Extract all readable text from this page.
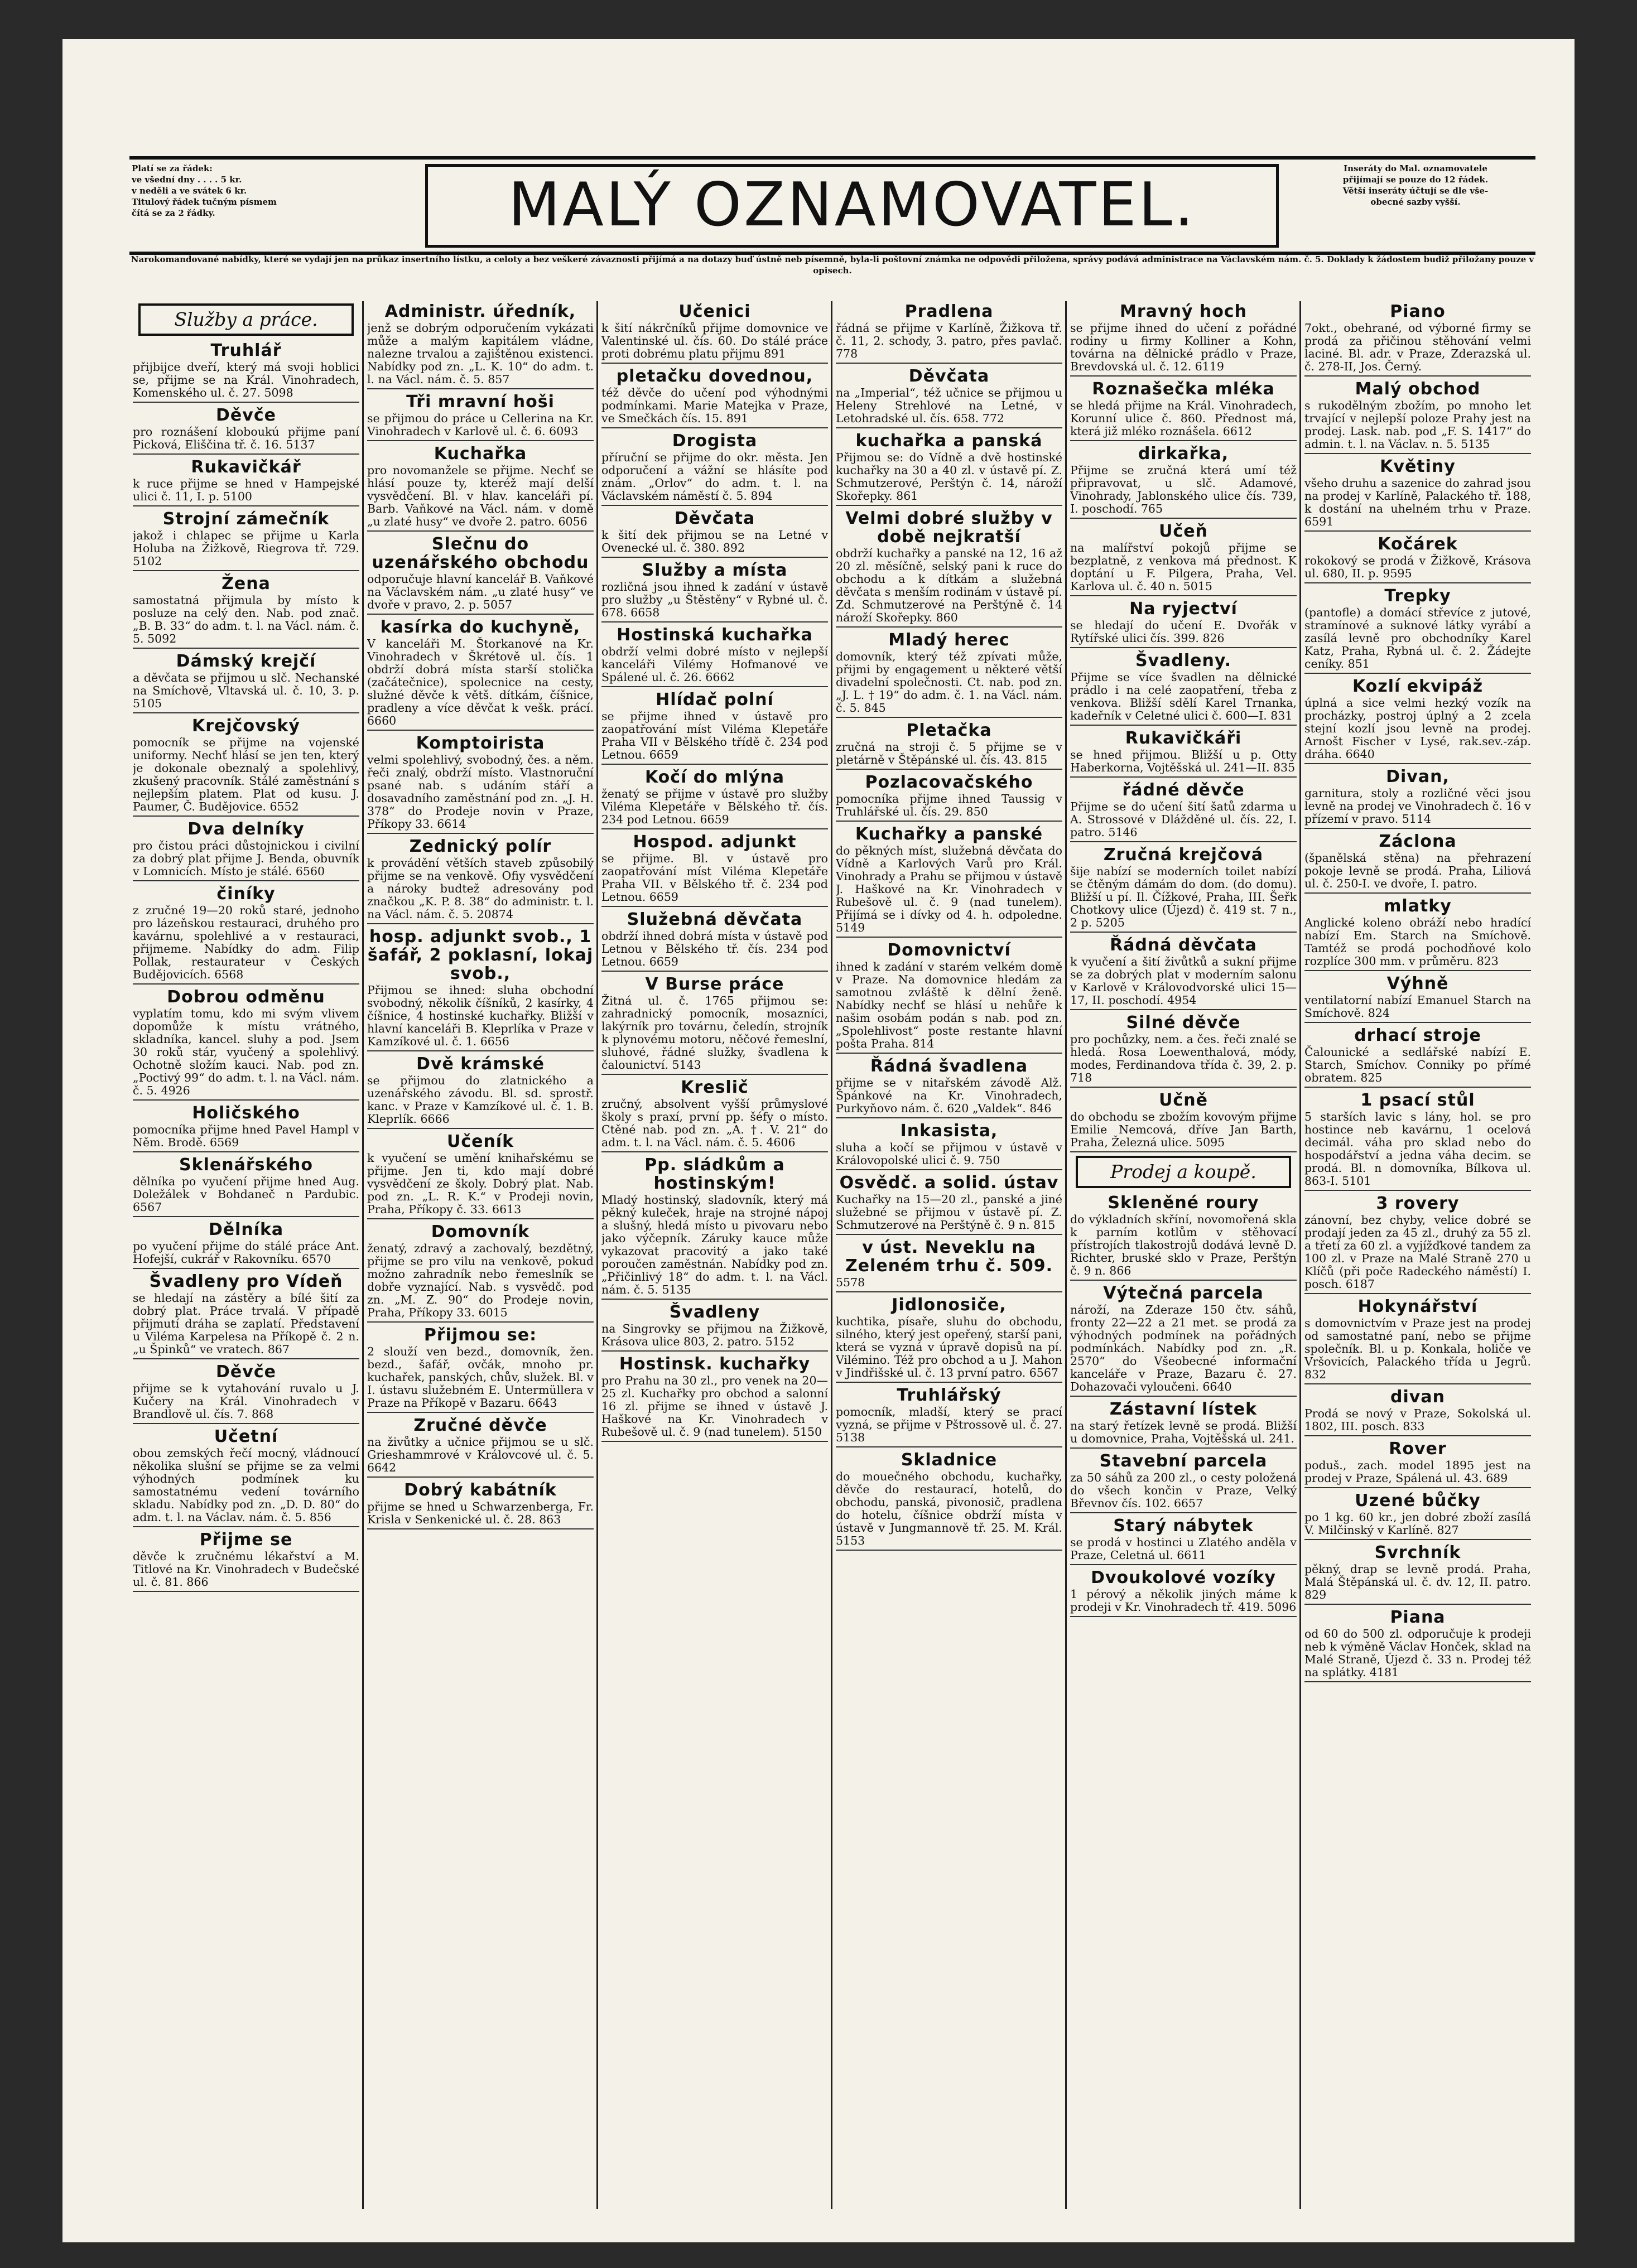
Platí se za řádek:
ve všední dny . . . . 5 kr.
v neděli a ve svátek 6 kr.
Titulový řádek tučným písmem
čítá se za 2 řádky.	MALÝ OZNAMOVATEL.
Inseráty do Mal. oznamovatele
přijímají se pouze do 12 řádek.
Větší inseráty účtují se dle vše-
obecné sazby vyšší.
Narokomandované nabídky, které se vydají jen na průkaz insertního lístku, a celoty a bez veškeré závaznosti přijímá a na dotazy buď ústně neb písemně, byla-li poštovní známka ne odpovědi přiložena, správy podává administrace na Václavském nám. č. 5. Doklady k žádostem budiž přiložany pouze v opisech.
Služby a práce.
Truhlář

přijbijce dveří, který má svoji hoblici se, přijme se na Král. Vinohradech, Komenského ul. č. 27. 5098

Děvče

pro roznášení kloboukú přijme paní Picková, Eliščina tř. č. 16. 5137

Rukavičkář

k ruce přijme se hned v Hampejské ulici č. 11, I. p. 5100

Strojní zámečník

jakož i chlapec se přijme u Karla Holuba na Žižkově, Riegrova tř. 729. 5102

Žena

samostatná přijmula by místo k posluze na celý den. Nab. pod znač. „B. B. 33“ do adm. t. l. na Václ. nám. č. 5. 5092

Dámský krejčí

a děvčata se přijmou u slč. Nechanské na Smíchově, Vltavská ul. č. 10, 3. p. 5105

Krejčovský

pomocník se přijme na vojenské uniformy. Nechť hlásí se jen ten, který je dokonale obeznalý a spolehlivý, zkušený pracovník. Stálé zaměstnání s nejlepším platem. Plat od kusu. J. Paumer, Č. Budějovice. 6552

Dva delníky

pro čistou práci důstojnickou i civilní za dobrý plat přijme J. Benda, obuvník v Lomnicích. Místo je stálé. 6560

činíky

z zručné 19—20 roků staré, jednoho pro lázeňskou restauraci, druhého pro kavárnu, spolehlivé a v restauraci, přijmeme. Nabídky do adm. Filip Pollak, restaurateur v Českých Budějovicích. 6568

Dobrou odměnu

vyplatím tomu, kdo mi svým vlivem dopomůže k místu vrátného, skladníka, kancel. sluhy a pod. Jsem 30 roků stár, vyučený a spolehlivý. Ochotně složím kauci. Nab. pod zn. „Poctivý 99“ do adm. t. l. na Václ. nám. č. 5. 4926

Holičského

pomocníka přijme hned Pavel Hampl v Něm. Brodě. 6569

Sklenářského

dělníka po vyučení přijme hned Aug. Doležálek v Bohdaneč n Pardubic. 6567

Dělníka

po vyučení přijme do stálé práce Ant. Hofejší, cukrář v Rakovníku. 6570

Švadleny pro Vídeň

se hledají na zástěry a bílé šití za dobrý plat. Práce trvalá. V případě přijmutí dráha se zaplatí. Představení u Viléma Karpelesa na Příkopě č. 2 n. „u Špinků“ ve vratech. 867

Děvče

přijme se k vytahování ruvalo u J. Kučery na Král. Vinohradech v Brandlově ul. čís. 7. 868

Učetní

obou zemských řečí mocný, vládnoucí několika slušní se přijme se za velmi výhodných podmínek ku samostatnému vedení továrního skladu. Nabídky pod zn. „D. D. 80“ do adm. t. l. na Václav. nám. č. 5. 856

Přijme se

děvče k zručnému lékařství a M. Titlové na Kr. Vinohradech v Budečské ul. č. 81. 866

Administr. úředník,

jenž se dobrým odporučením vykázati může a malým kapitálem vládne, nalezne trvalou a zajištěnou existenci. Nabídky pod zn. „L. K. 10“ do adm. t. l. na Václ. nám. č. 5. 857

Tři mravní hoši

se přijmou do práce u Cellerina na Kr. Vinohradech v Karlově ul. č. 6. 6093

Kuchařka

pro novomanžele se přijme. Nechť se hlásí pouze ty, kteréž mají delší vysvědčení. Bl. v hlav. kanceláři pí. Barb. Vaňkové na Václ. nám. v domě „u zlaté husy“ ve dvoře 2. patro. 6056

Slečnu do uzenářského obchodu

odporučuje hlavní kancelář B. Vaňkové na Václavském nám. „u zlaté husy“ ve dvoře v pravo, 2. p. 5057

kasírka do kuchyně,

V kanceláři M. Štorkanové na Kr. Vinohradech v Škrétově ul. čís. 1 obdrží dobrá místa starší stolička (začátečnice), spolecnice na cesty, služné děvče k větš. dítkám, číšnice, pradleny a více děvčat k vešk. prácí. 6660

Komptoirista

velmi spolehlivý, svobodný, čes. a něm. řeči znalý, obdrží místo. Vlastnoruční psané nab. s udáním stáří a dosavadního zaměstnání pod zn. „J. H. 378“ do Prodeje novin v Praze, Příkopy 33. 6614

Zednický polír

k provádění větších staveb způsobilý přijme se na venkově. Ofiy vysvědčení a nároky budtež adresovány pod značkou „K. P. 8. 38“ do administr. t. l. na Václ. nám. č. 5. 20874

hosp. adjunkt svob., 1 šafář, 2 poklasní, lokaj svob.,

Přijmou se ihned: sluha obchodní svobodný, několik číšníků, 2 kasírky, 4 číšnice, 4 hostinské kuchařky. Bližší v hlavní kanceláři B. Kleprlíka v Praze v Kamzíkové ul. č. 1. 6656

Dvě krámské

se přijmou do zlatnického a uzenářského závodu. Bl. sd. sprostř. kanc. v Praze v Kamzíkové ul. č. 1. B. Kleprlík. 6666

Učeník

k vyučení se umění knihařskému se přijme. Jen ti, kdo mají dobré vysvědčení ze školy. Dobrý plat. Nab. pod zn. „L. R. K.“ v Prodeji novin, Praha, Příkopy č. 33. 6613

Domovník

ženatý, zdravý a zachovalý, bezdětný, přijme se pro vilu na venkově, pokud možno zahradník nebo řemeslník se dobře vyznající. Nab. s vysvědč. pod zn. „M. Z. 90“ do Prodeje novin, Praha, Příkopy 33. 6015

Přijmou se:

2 slouží ven bezd., domovník, žen. bezd., šafář, ovčák, mnoho pr. kuchařek, panských, chův, služek. Bl. v I. ústavu služebném E. Untermüllera v Praze na Příkopě v Bazaru. 6643

Zručné děvče

na živůtky a učnice přijmou se u slč. Grieshammrové v Královcové ul. č. 5. 6642

Dobrý kabátník

přijme se hned u Schwarzenberga, Fr. Krisla v Senkenické ul. č. 28. 863

Učenici

k šití nákrčníků přijme domovnice ve Valentinské ul. čís. 60. Do stálé práce proti dobrému platu přijmu 891

pletačku dovednou,

též děvče do učení pod výhodnými podmínkami. Marie Matejka v Praze, ve Smečkách čís. 15. 891

Drogista

příruční se přijme do okr. města. Jen odporučení a vážní se hlásíte pod znám. „Orlov“ do adm. t. l. na Václavském náměstí č. 5. 894

Děvčata

k šití dek přijmou se na Letné v Ovenecké ul. č. 380. 892

Služby a místa

rozličná jsou ihned k zadání v ústavě pro služby „u Štěstěny“ v Rybné ul. č. 678. 6658

Hostinská kuchařka

obdrží velmi dobré místo v nejlepší kanceláři Vilémy Hofmanové ve Spálené ul. č. 26. 6662

Hlídač polní

se přijme ihned v ústavě pro zaopatřování míst Viléma Klepetáře Praha VII v Bělského třídě č. 234 pod Letnou. 6659

Kočí do mlýna

ženatý se přijme v ústavě pro služby Viléma Klepetáře v Bělského tř. čís. 234 pod Letnou. 6659

Hospod. adjunkt

se přijme. Bl. v ústavě pro zaopatřování míst Viléma Klepetáře Praha VII. v Bělského tř. č. 234 pod Letnou. 6659

Služebná děvčata

obdrží ihned dobrá místa v ústavě pod Letnou v Bělského tř. čís. 234 pod Letnou. 6659

V Burse práce

Žitná ul. č. 1765 přijmou se: zahradnický pomocník, mosazníci, lakýrník pro továrnu, čeledín, strojník k plynovému motoru, něčové řemeslní, sluhové, řádné služky, švadlena k čalounictví. 5143

Kreslič

zručný, absolvent vyšší průmyslové školy s praxí, první pp. šéfy o místo. Ctěné nab. pod zn. „A. †. V. 21“ do adm. t. l. na Václ. nám. č. 5. 4606

Pp. sládkům a hostinským!

Mladý hostinský, sladovník, který má pěkný kuleček, hraje na strojné nápoj a slušný, hledá místo u pivovaru nebo jako výčepník. Záruky kauce může vykazovat pracovitý a jako také poroučen zaměstnán. Nabídky pod zn. „Přičinlivý 18“ do adm. t. l. na Václ. nám. č. 5. 5135

Švadleny

na Singrovky se přijmou na Žižkově, Krásova ulice 803, 2. patro. 5152

Hostinsk. kuchařky

pro Prahu na 30 zl., pro venek na 20—25 zl. Kuchařky pro obchod a salonní 16 zl. přijme se ihned v ústavě J. Haškové na Kr. Vinohradech v Rubešově ul. č. 9 (nad tunelem). 5150

Pradlena

řádná se přijme v Karlíně, Žižkova tř. č. 11, 2. schody, 3. patro, přes pavlač. 778

Děvčata

na „Imperial“, též učnice se přijmou u Heleny Strehlové na Letné, v Letohradské ul. čís. 658. 772

kuchařka a panská

Přijmou se: do Vídně a dvě hostinské kuchařky na 30 a 40 zl. v ústavě pí. Z. Schmutzerové, Perštýn č. 14, nároží Skořepky. 861

Velmi dobré služby v době nejkratší

obdrží kuchařky a panské na 12, 16 až 20 zl. měsíčně, selský pani k ruce do obchodu a k dítkám a služebná děvčata s menším rodinám v ústavě pí. Zd. Schmutzerové na Perštýně č. 14 nároží Skořepky. 860

Mladý herec

domovník, který též zpívati může, přijmi by engagement u některé větší divadelní společnosti. Ct. nab. pod zn. „J. L. † 19“ do adm. č. 1. na Václ. nám. č. 5. 845

Pletačka

zručná na stroji č. 5 přijme se v pletárně v Štěpánské ul. čís. 43. 815

Pozlacovačského

pomocníka přijme ihned Taussig v Truhlářské ul. čís. 29. 850

Kuchařky a panské

do pěkných míst, služebná děvčata do Vídně a Karlových Varů pro Král. Vinohrady a Prahu se přijmou v ústavě J. Haškové na Kr. Vinohradech v Rubešově ul. č. 9 (nad tunelem). Přijímá se i dívky od 4. h. odpoledne. 5149

Domovnictví

ihned k zadání v starém velkém domě v Praze. Na domovnice hledám za samotnou zvláště k dělní ženě. Nabídky nechť se hlásí u nehůře k našim osobám podán s nab. pod zn. „Spolehlivost“ poste restante hlavní pošta Praha. 814

Řádná švadlena

přijme se v nitařském závodě Alž. Špánkové na Kr. Vinohradech, Purkyňovo nám. č. 620 „Valdek“. 846

Inkasista,

sluha a kočí se přijmou v ústavě v Královopolské ulici č. 9. 750

Osvědč. a solid. ústav

Kuchařky na 15—20 zl., panské a jiné služebné se přijmou v ústavě pí. Z. Schmutzerové na Perštýně č. 9 n. 815

v úst. Neveklu na Zeleném trhu č. 509.

5578

Jidlonosiče,

kuchtika, písaře, sluhu do obchodu, silného, který jest opeřený, starší pani, která se vyzná v úpravě dopisů na pí. Vilémino. Též pro obchod a u J. Mahon v Jindřišské ul. č. 13 první patro. 6567

Truhlářský

pomocník, mladší, který se prací vyzná, se přijme v Pštrossově ul. č. 27. 5138

Skladnice

do mouečného obchodu, kuchařky, děvče do restaurací, hotelů, do obchodu, panská, pivonosič, pradlena do hotelu, číšnice obdrží místa v ústavě v Jungmannově tř. 25. M. Král. 5153

Mravný hoch

se přijme ihned do učení z pořádné rodiny u firmy Kolliner a Kohn, továrna na dělnické prádlo v Praze, Brevdovská ul. č. 12. 6119

Roznašečka mléka

se hledá přijme na Král. Vinohradech, Korunní ulice č. 860. Přednost má, která již mléko roznášela. 6612

dirkařka,

Přijme se zručná která umí též připravovat, u slč. Adamové, Vinohrady, Jablonského ulice čís. 739, I. poschodí. 765

Učeň

na malířství pokojů přijme se bezplatně, z venkova má přednost. K doptání u F. Pilgera, Praha, Vel. Karlova ul. č. 40 n. 5015

Na ryjectví

se hledají do učení E. Dvořák v Rytířské ulici čís. 399. 826

Švadleny.

Přijme se více švadlen na dělnické prádlo i na celé zaopatření, třeba z venkova. Bližší sdělí Karel Trnanka, kadeřník v Celetné ulici č. 600—I. 831

Rukavičkáři

se hned přijmou. Bližší u p. Otty Haberkorna, Vojtěšská ul. 241—II. 835

řádné děvče

Přijme se do učení šití šatů zdarma u A. Strossové v Dlážděné ul. čís. 22, I. patro. 5146

Zručná krejčová

šije nabízí se moderních toilet nabízí se čtěným dámám do dom. (do domu). Bližší u pí. Il. Čížkové, Praha, III. Šeřk Chotkovy ulice (Újezd) č. 419 st. 7 n., 2 p. 5205

Řádná děvčata

k vyučení a šití živůtků a sukní přijme se za dobrých plat v moderním salonu v Karlově v Královodvorské ulici 15—17, II. poschodí. 4954

Silné děvče

pro pochůzky, nem. a čes. řeči znalé se hledá. Rosa Loewenthalová, módy, modes, Ferdinandova třída č. 39, 2. p. 718

Učně

do obchodu se zbožím kovovým přijme Emilie Nemcová, dříve Jan Barth, Praha, Železná ulice. 5095

Prodej a koupě.
Skleněné roury

do výkladních skříní, novomořená skla k parním kotlům v stěhovací přístrojích tlakostrojů dodává levně D. Richter, bruské sklo v Praze, Perštýn č. 9 n. 866

Výtečná parcela

nároží, na Zderaze 150 čtv. sáhů, fronty 22—22 a 21 met. se prodá za výhodných podmínek na pořádných podmínkách. Nabídky pod zn. „R. 2570“ do Všeobecné informační kanceláře v Praze, Bazaru č. 27. Dohazovači vyloučeni. 6640

Zástavní lístek

na starý řetízek levně se prodá. Bližší u domovnice, Praha, Vojtěšská ul. 241.

Stavební parcela

za 50 sáhů za 200 zl., o cesty položená do všech končin v Praze, Velký Břevnov čís. 102. 6657

Starý nábytek

se prodá v hostinci u Zlatého anděla v Praze, Celetná ul. 6611

Dvoukolové vozíky

1 pérový a několik jiných máme k prodeji v Kr. Vinohradech tř. 419. 5096

Piano

7okt., obehrané, od výborné firmy se prodá za přičinou stěhování velmi laciné. Bl. adr. v Praze, Zderazská ul. č. 278-II, Jos. Černý.

Malý obchod

s rukodělným zbožím, po mnoho let trvající v nejlepší poloze Prahy jest na prodej. Lask. nab. pod „F. S. 1417“ do admin. t. l. na Václav. n. 5. 5135

Květiny

všeho druhu a sazenice do zahrad jsou na prodej v Karlíně, Palackého tř. 188, k dostání na uhelném trhu v Praze. 6591

Kočárek

rokokový se prodá v Žižkově, Krásova ul. 680, II. p. 9595

Trepky

(pantofle) a domácí střevíce z jutové, stramínové a suknové látky vyrábí a zasílá levně pro obchodníky Karel Katz, Praha, Rybná ul. č. 2. Žádejte ceníky. 851

Kozlí ekvipáž

úplná a sice velmi hezký vozík na procházky, postroj úplný a 2 zcela stejní kozlí jsou levně na prodej. Arnošt Fischer v Lysé, rak.sev.-záp. dráha. 6640

Divan,

garnitura, stoly a rozličné věci jsou levně na prodej ve Vinohradech č. 16 v přízemí v pravo. 5114

Záclona

(španělská stěna) na přehrazení pokoje levně se prodá. Praha, Liliová ul. č. 250-I. ve dvoře, I. patro.

mlatky

Anglické koleno obráží nebo hradící nabízí Em. Starch na Smíchově. Tamtéž se prodá pochodňové kolo rozplíce 300 mm. v průměru. 823

Výhně

ventilatorní nabízí Emanuel Starch na Smíchově. 824

drhací stroje

Čalounické a sedlářské nabízí E. Starch, Smíchov. Conniky po přímé obratem. 825

1 psací stůl

5 starších lavic s lány, hol. se pro hostince neb kavárnu, 1 ocelová decimál. váha pro sklad nebo do hospodářství a jedna váha decim. se prodá. Bl. n domovníka, Bílkova ul. 863-I. 5101

3 rovery

zánovní, bez chyby, velice dobré se prodají jeden za 45 zl., druhý za 55 zl. a třetí za 60 zl. a vyjížďkové tandem za 100 zl. v Praze na Malé Straně 270 u Klíčů (při poče Radeckého náměstí) I. posch. 6187

Hokynářství

s domovnictvím v Praze jest na prodej od samostatné paní, nebo se přijme společník. Bl. u p. Konkala, holiče ve Vršovicích, Palackého třída u Jegrů. 832

divan

Prodá se nový v Praze, Sokolská ul. 1802, III. posch. 833

Rover

poduš., zach. model 1895 jest na prodej v Praze, Spálená ul. 43. 689

Uzené bůčky

po 1 kg. 60 kr., jen dobré zboží zasílá V. Milčinský v Karlíně. 827

Svrchník

pěkný, drap se levně prodá. Praha, Malá Štěpánská ul. č. dv. 12, II. patro. 829

Piana

od 60 do 500 zl. odporučuje k prodeji neb k výměně Václav Honček, sklad na Malé Straně, Újezd č. 33 n. Prodej též na splátky. 4181
